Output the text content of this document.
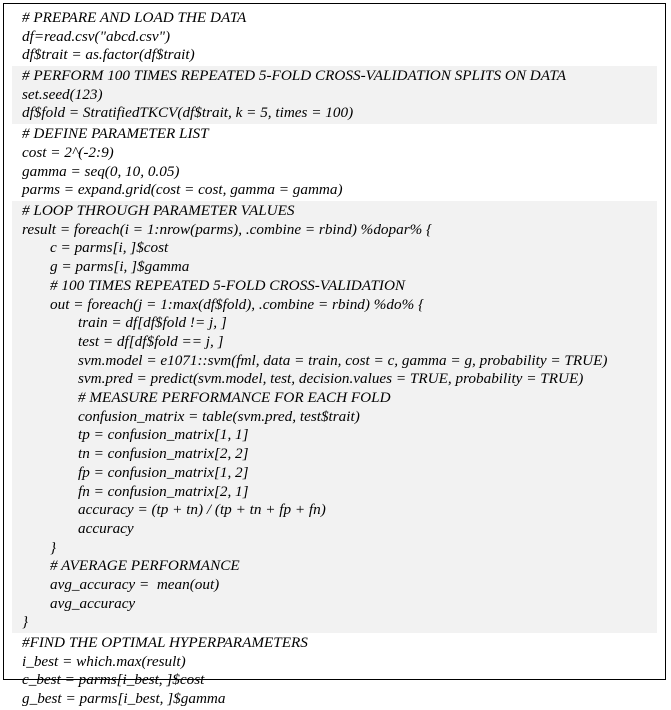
# PREPARE AND LOAD THE DATA
df=read.csv("abcd.csv")
df$trait = as.factor(df$trait)
# PERFORM 100 TIMES REPEATED 5-FOLD CROSS-VALIDATION SPLITS ON DATA
set.seed(123)
df$fold = StratifiedTKCV(df$trait, k = 5, times = 100)
# DEFINE PARAMETER LIST
cost = 2^(-2:9)
gamma = seq(0, 10, 0.05)
parms = expand.grid(cost = cost, gamma = gamma)
# LOOP THROUGH PARAMETER VALUES
result = foreach(i = 1:nrow(parms), .combine = rbind) %dopar% {
c = parms[i, ]$cost
g = parms[i, ]$gamma
# 100 TIMES REPEATED 5-FOLD CROSS-VALIDATION
out = foreach(j = 1:max(df$fold), .combine = rbind) %do% {
train = df[df$fold != j, ]
test = df[df$fold == j, ]
svm.model = e1071::svm(fml, data = train, cost = c, gamma = g, probability = TRUE)
svm.pred = predict(svm.model, test, decision.values = TRUE, probability = TRUE)
# MEASURE PERFORMANCE FOR EACH FOLD
confusion_matrix = table(svm.pred, test$trait)
tp = confusion_matrix[1, 1]
tn = confusion_matrix[2, 2]
fp = confusion_matrix[1, 2]
fn = confusion_matrix[2, 1]
accuracy = (tp + tn) / (tp + tn + fp + fn)
accuracy
}
# AVERAGE PERFORMANCE
avg_accuracy =  mean(out)
avg_accuracy
}
#FIND THE OPTIMAL HYPERPARAMETERS
i_best = which.max(result)
c_best = parms[i_best, ]$cost
g_best = parms[i_best, ]$gamma
